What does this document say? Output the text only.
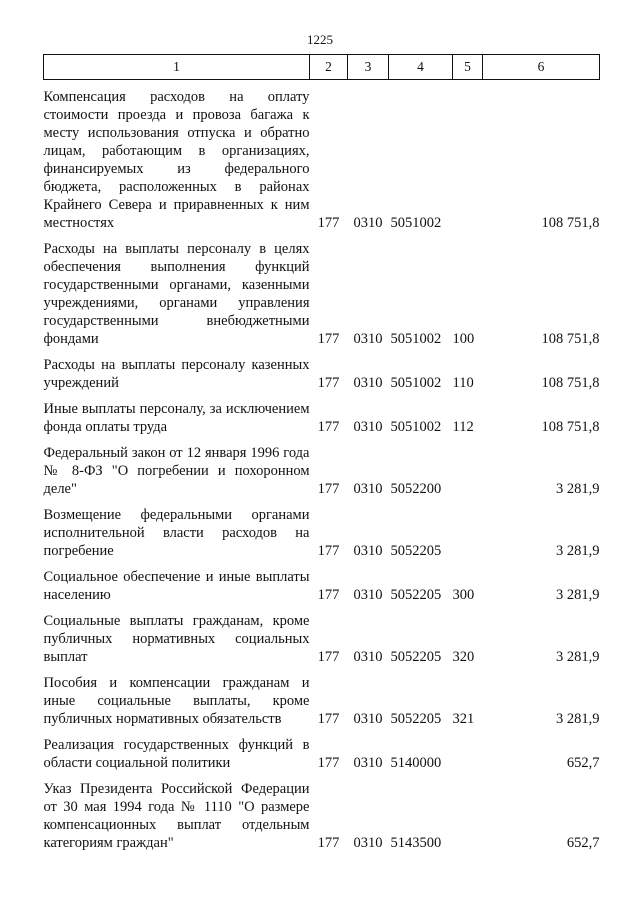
1225
1	2	3	4	5	6
Компенсация расходов на оплату стоимости проезда и провоза багажа к месту использования отпуска и обратно лицам, работающим в организациях, финансируемых из федерального бюджета, расположенных в районах Крайнего Севера и приравненных к ним местностях	177	0310	5051002		108 751,8
Расходы на выплаты персоналу в целях обеспечения выполнения функций государственными органами, казенными учреждениями, органами управления государственными внебюджетными фондами	177	0310	5051002	100	108 751,8
Расходы на выплаты персоналу казенных учреждений	177	0310	5051002	110	108 751,8
Иные выплаты персоналу, за исключением фонда оплаты труда	177	0310	5051002	112	108 751,8
Федеральный закон от 12 января 1996 года № 8-ФЗ "О погребении и похоронном деле"	177	0310	5052200		3 281,9
Возмещение федеральными органами исполнительной власти расходов на погребение	177	0310	5052205		3 281,9
Социальное обеспечение и иные выплаты населению	177	0310	5052205	300	3 281,9
Социальные выплаты гражданам, кроме публичных нормативных социальных выплат	177	0310	5052205	320	3 281,9
Пособия и компенсации гражданам и иные социальные выплаты, кроме публичных нормативных обязательств	177	0310	5052205	321	3 281,9
Реализация государственных функций в области социальной политики	177	0310	5140000		652,7
Указ Президента Российской Федерации от 30 мая 1994 года № 1110 "О размере компенсационных выплат отдельным категориям граждан"	177	0310	5143500		652,7
